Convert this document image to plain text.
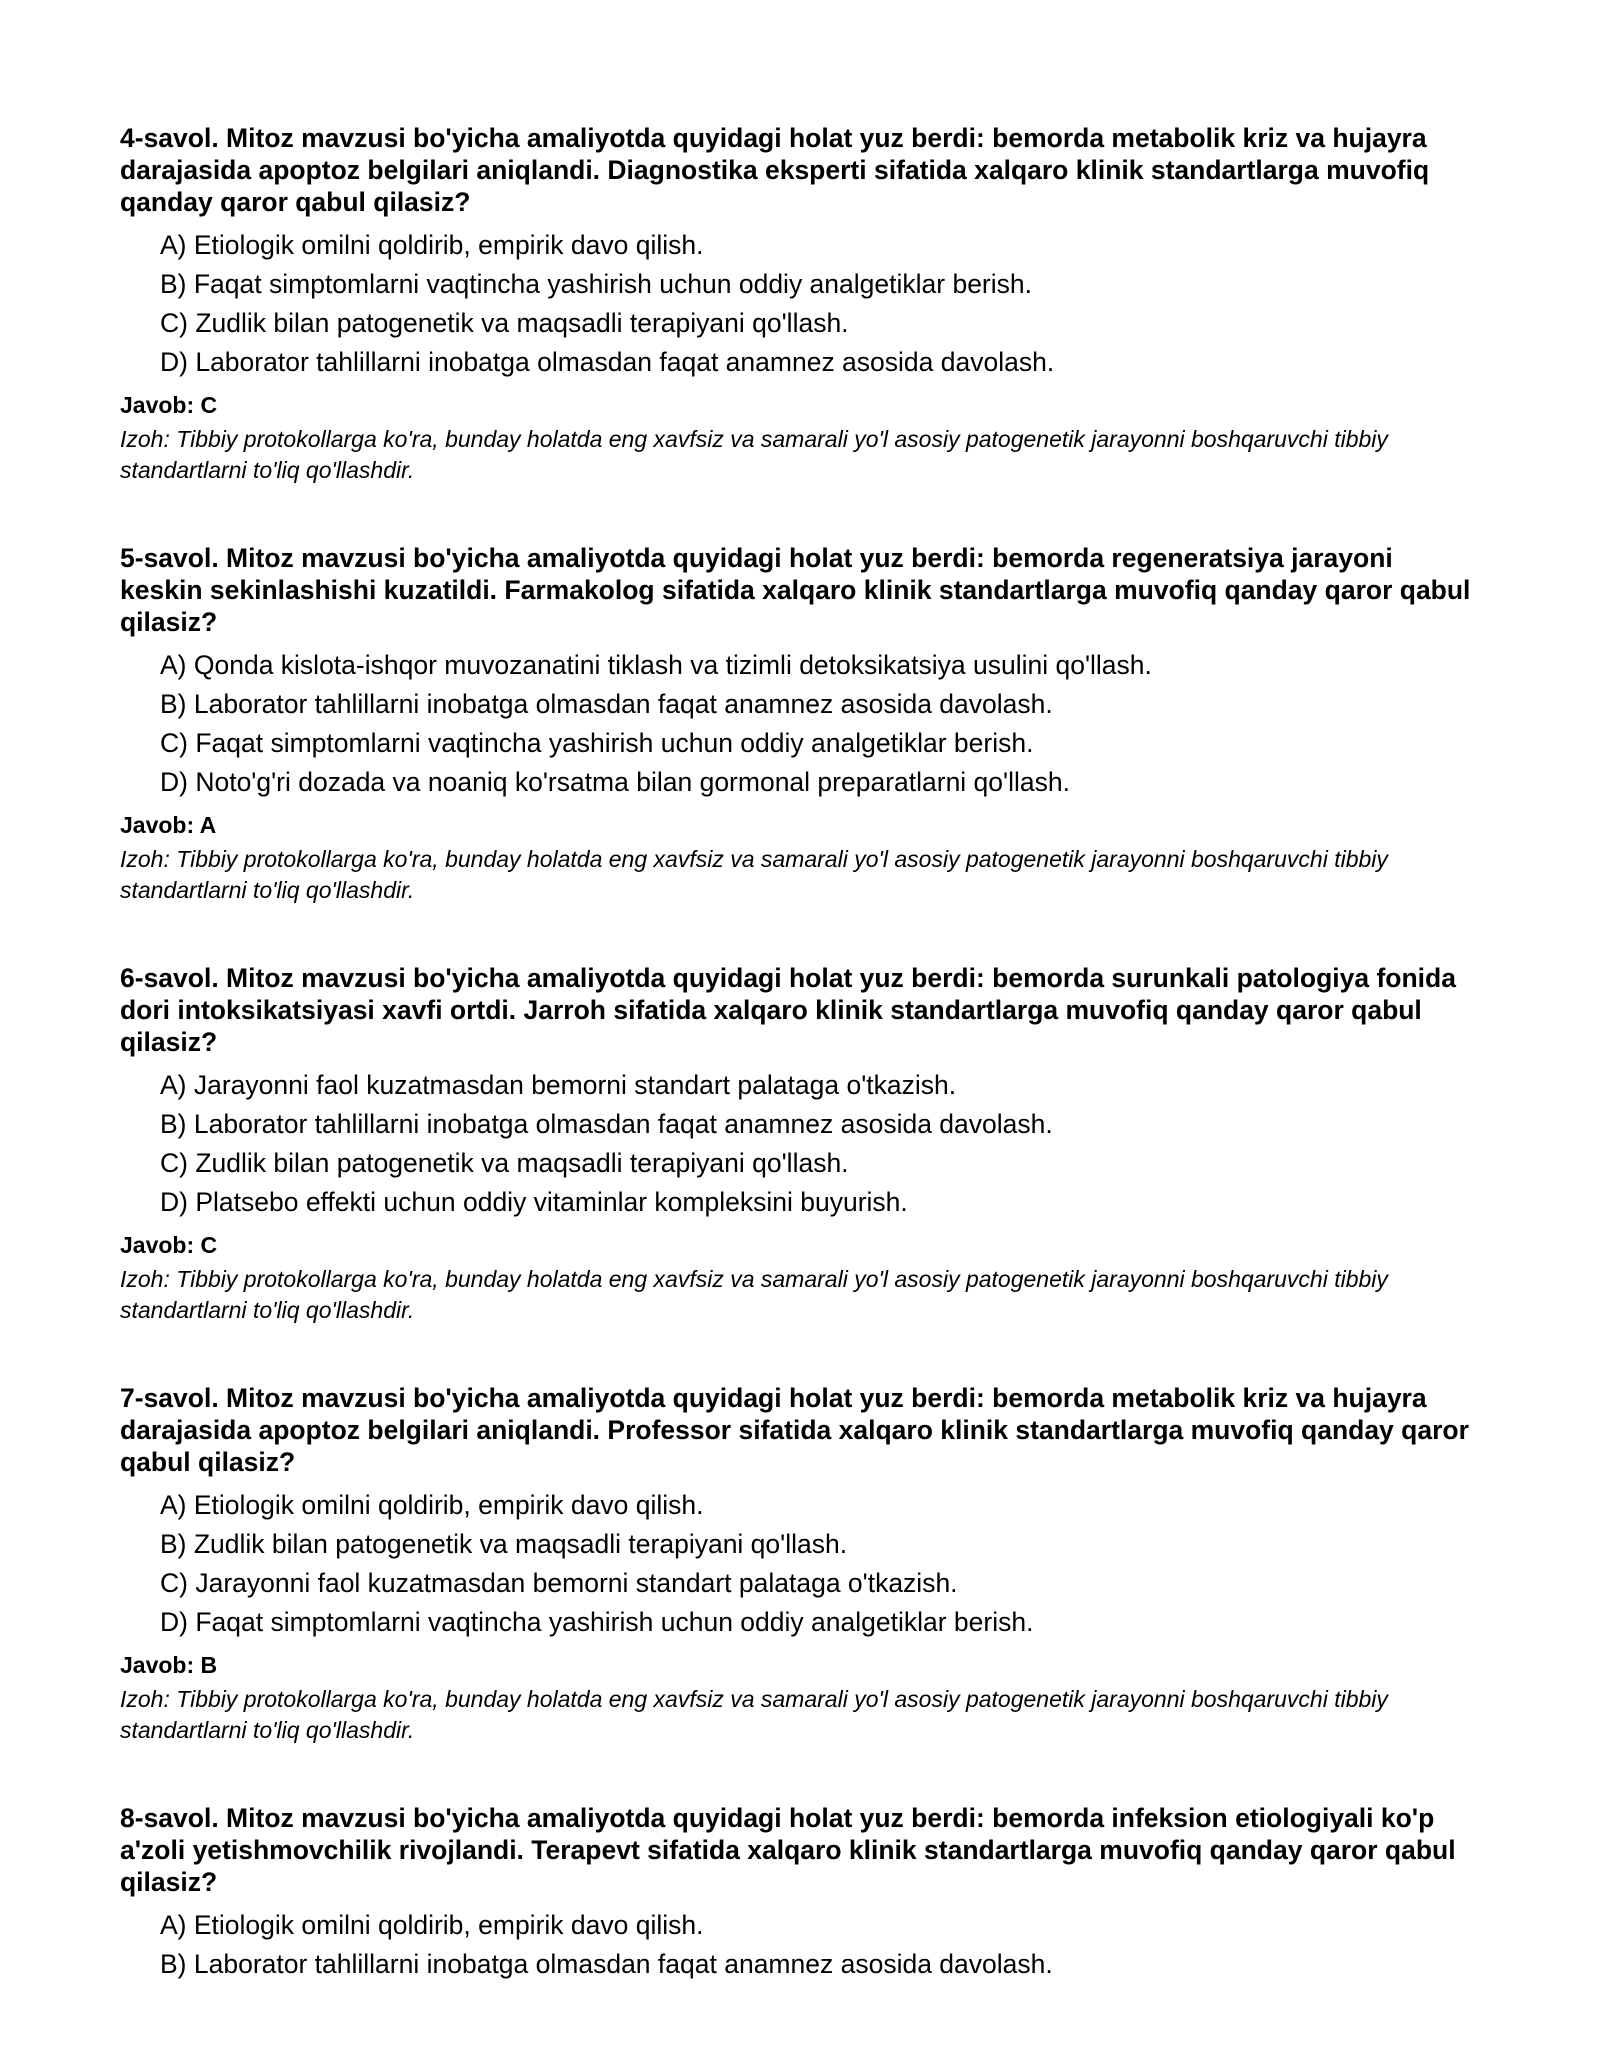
4-savol. Mitoz mavzusi bo'yicha amaliyotda quyidagi holat yuz berdi: bemorda metabolik kriz va hujayra darajasida apoptoz belgilari aniqlandi. Diagnostika eksperti sifatida xalqaro klinik standartlarga muvofiq qanday qaror qabul qilasiz?

A) Etiologik omilni qoldirib, empirik davo qilish.
B) Faqat simptomlarni vaqtincha yashirish uchun oddiy analgetiklar berish.
C) Zudlik bilan patogenetik va maqsadli terapiyani qo'llash.
D) Laborator tahlillarni inobatga olmasdan faqat anamnez asosida davolash.

Javob: C

Izoh: Tibbiy protokollarga ko'ra, bunday holatda eng xavfsiz va samarali yo'l asosiy patogenetik jarayonni boshqaruvchi tibbiy standartlarni to'liq qo'llashdir.

5-savol. Mitoz mavzusi bo'yicha amaliyotda quyidagi holat yuz berdi: bemorda regeneratsiya jarayoni keskin sekinlashishi kuzatildi. Farmakolog sifatida xalqaro klinik standartlarga muvofiq qanday qaror qabul qilasiz?

A) Qonda kislota-ishqor muvozanatini tiklash va tizimli detoksikatsiya usulini qo'llash.
B) Laborator tahlillarni inobatga olmasdan faqat anamnez asosida davolash.
C) Faqat simptomlarni vaqtincha yashirish uchun oddiy analgetiklar berish.
D) Noto'g'ri dozada va noaniq ko'rsatma bilan gormonal preparatlarni qo'llash.

Javob: A

Izoh: Tibbiy protokollarga ko'ra, bunday holatda eng xavfsiz va samarali yo'l asosiy patogenetik jarayonni boshqaruvchi tibbiy standartlarni to'liq qo'llashdir.

6-savol. Mitoz mavzusi bo'yicha amaliyotda quyidagi holat yuz berdi: bemorda surunkali patologiya fonida dori intoksikatsiyasi xavfi ortdi. Jarroh sifatida xalqaro klinik standartlarga muvofiq qanday qaror qabul qilasiz?

A) Jarayonni faol kuzatmasdan bemorni standart palataga o'tkazish.
B) Laborator tahlillarni inobatga olmasdan faqat anamnez asosida davolash.
C) Zudlik bilan patogenetik va maqsadli terapiyani qo'llash.
D) Platsebo effekti uchun oddiy vitaminlar kompleksini buyurish.

Javob: C

Izoh: Tibbiy protokollarga ko'ra, bunday holatda eng xavfsiz va samarali yo'l asosiy patogenetik jarayonni boshqaruvchi tibbiy standartlarni to'liq qo'llashdir.

7-savol. Mitoz mavzusi bo'yicha amaliyotda quyidagi holat yuz berdi: bemorda metabolik kriz va hujayra darajasida apoptoz belgilari aniqlandi. Professor sifatida xalqaro klinik standartlarga muvofiq qanday qaror qabul qilasiz?

A) Etiologik omilni qoldirib, empirik davo qilish.
B) Zudlik bilan patogenetik va maqsadli terapiyani qo'llash.
C) Jarayonni faol kuzatmasdan bemorni standart palataga o'tkazish.
D) Faqat simptomlarni vaqtincha yashirish uchun oddiy analgetiklar berish.

Javob: B

Izoh: Tibbiy protokollarga ko'ra, bunday holatda eng xavfsiz va samarali yo'l asosiy patogenetik jarayonni boshqaruvchi tibbiy standartlarni to'liq qo'llashdir.

8-savol. Mitoz mavzusi bo'yicha amaliyotda quyidagi holat yuz berdi: bemorda infeksion etiologiyali ko'p a'zoli yetishmovchilik rivojlandi. Terapevt sifatida xalqaro klinik standartlarga muvofiq qanday qaror qabul qilasiz?

A) Etiologik omilni qoldirib, empirik davo qilish.
B) Laborator tahlillarni inobatga olmasdan faqat anamnez asosida davolash.
